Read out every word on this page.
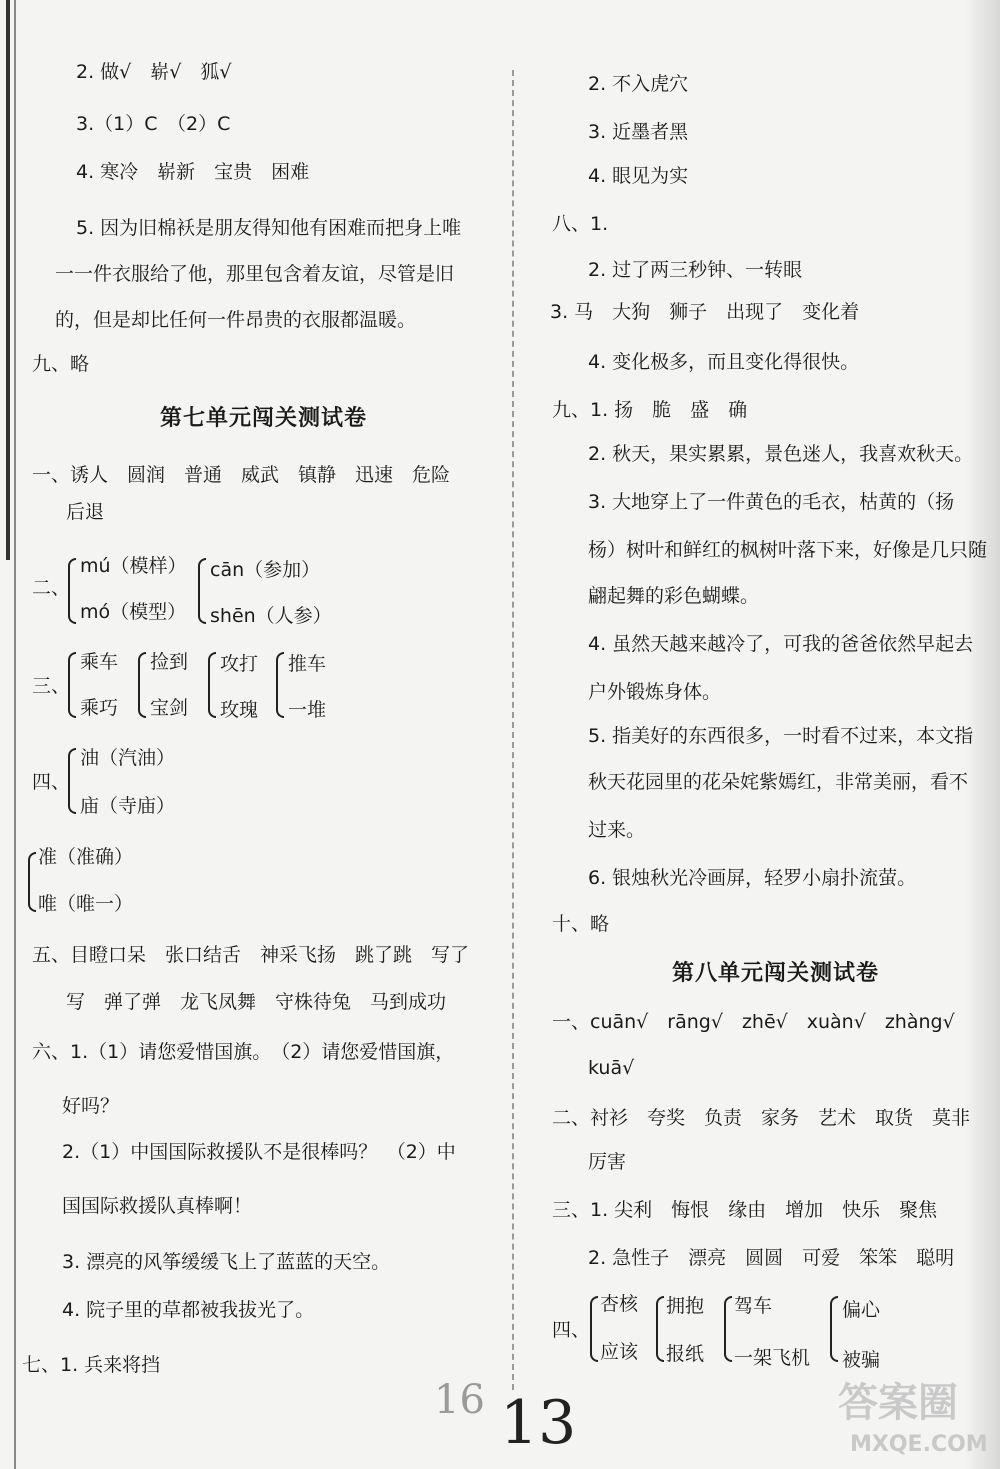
2. 做√　崭√　狐√
3.（1）C　（2）C
4. 寒冷　崭新　宝贵　困难
5. 因为旧棉袄是朋友得知他有困难而把身上唯
一一件衣服给了他，那里包含着友谊，尽管是旧
的，但是却比任何一件昂贵的衣服都温暖。
九、略
第七单元闯关测试卷
一、诱人　圆润　普通　威武　镇静　迅速　危险
后退
二、
mú（模样）
mó（模型）
cān（参加）
shēn（人参）
三、
乘车
乘巧
捡到
宝剑
攻打
玫瑰
推车
一堆
四、
油（汽油）
庙（寺庙）
准（准确）
唯（唯一）
五、目瞪口呆　张口结舌　神采飞扬　跳了跳　写了
写　弹了弹　龙飞凤舞　守株待兔　马到成功
六、1.（1）请您爱惜国旗。　（2）请您爱惜国旗，
好吗？
2.（1）中国国际救援队不是很棒吗？　（2）中
国国际救援队真棒啊！
3. 漂亮的风筝缓缓飞上了蓝蓝的天空。
4. 院子里的草都被我拔光了。
七、1. 兵来将挡
2. 不入虎穴
3. 近墨者黑
4. 眼见为实
八、1.
2. 过了两三秒钟、一转眼
3. 马　大狗　狮子　出现了　变化着
4. 变化极多，而且变化得很快。
九、1. 扬　脆　盛　确
2. 秋天，果实累累，景色迷人，我喜欢秋天。
3. 大地穿上了一件黄色的毛衣，枯黄的（扬
杨）树叶和鲜红的枫树叶落下来，好像是几只随
翩起舞的彩色蝴蝶。
4. 虽然天越来越冷了，可我的爸爸依然早起去
户外锻炼身体。
5. 指美好的东西很多，一时看不过来，本文指
秋天花园里的花朵姹紫嫣红，非常美丽，看不
过来。
6. 银烛秋光冷画屏，轻罗小扇扑流萤。
十、略
第八单元闯关测试卷
一、cuān√　rāng√　zhē√　xuàn√　zhàng√
kuā√
二、衬衫　夸奖　负责　家务　艺术　取货　莫非
厉害
三、1. 尖利　悔恨　缘由　增加　快乐　聚焦
2. 急性子　漂亮　圆圆　可爱　笨笨　聪明
四、
杏核
应该
拥抱
报纸
驾车
一架飞机
偏心
被骗
13
16	答案圈
MXQE.COM
